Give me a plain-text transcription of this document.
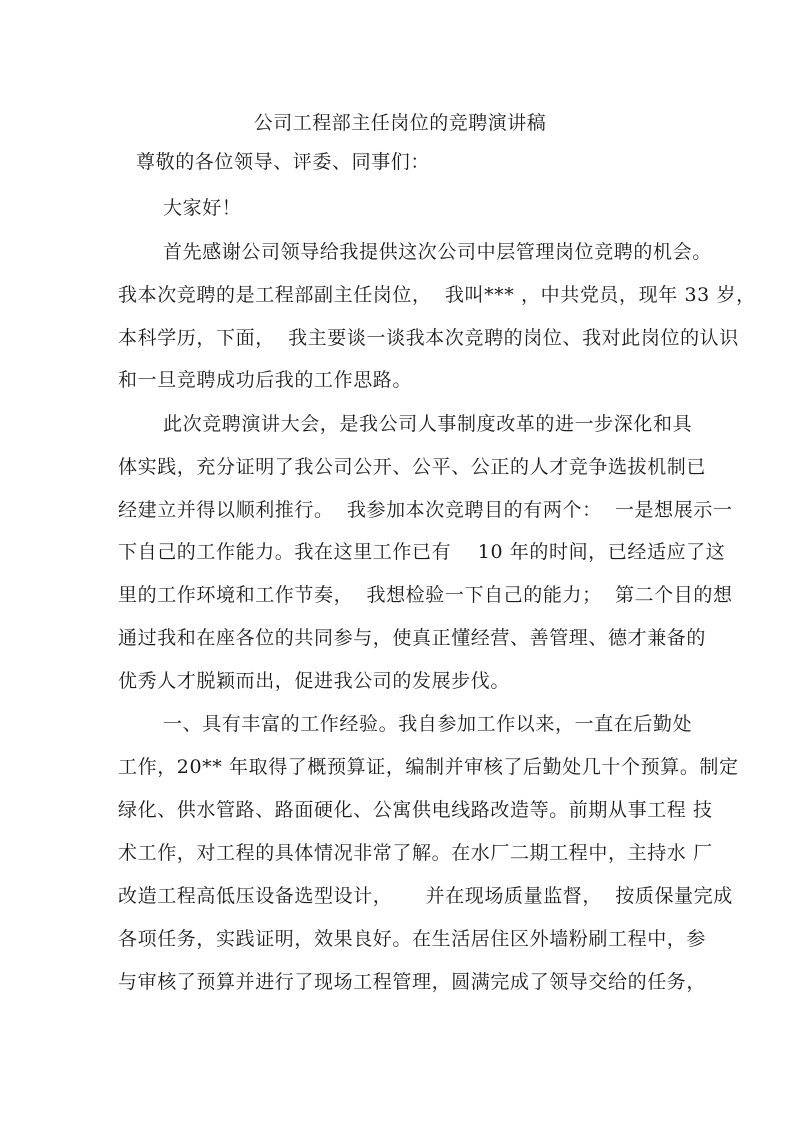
公司工程部主任岗位的竞聘演讲稿
尊敬的各位领导、评委、同事们：
大家好！
首先感谢公司领导给我提供这次公司中层管理岗位竞聘的机会。
我本次竞聘的是工程部副主任岗位，  我叫*** ，中共党员，现年 33 岁，
本科学历，下面，  我主要谈一谈我本次竞聘的岗位、我对此岗位的认识
和一旦竞聘成功后我的工作思路。
此次竞聘演讲大会，是我公司人事制度改革的进一步深化和具
体实践，充分证明了我公司公开、公平、公正的人才竞争选拔机制已
经建立并得以顺利推行。  我参加本次竞聘目的有两个：  一是想展示一
下自己的工作能力。我在这里工作已有    10 年的时间，已经适应了这
里的工作环境和工作节奏，  我想检验一下自己的能力；  第二个目的想
通过我和在座各位的共同参与，使真正懂经营、善管理、德才兼备的
优秀人才脱颖而出，促进我公司的发展步伐。
一、具有丰富的工作经验。我自参加工作以来，一直在后勤处
工作，20** 年取得了概预算证，编制并审核了后勤处几十个预算。制定
绿化、供水管路、路面硬化、公寓供电线路改造等。前期从事工程 技
术工作，对工程的具体情况非常了解。在水厂二期工程中，主持水 厂
改造工程高低压设备选型设计，     并在现场质量监督，  按质保量完成
各项任务，实践证明，效果良好。在生活居住区外墙粉刷工程中，参
与审核了预算并进行了现场工程管理，圆满完成了领导交给的任务，
